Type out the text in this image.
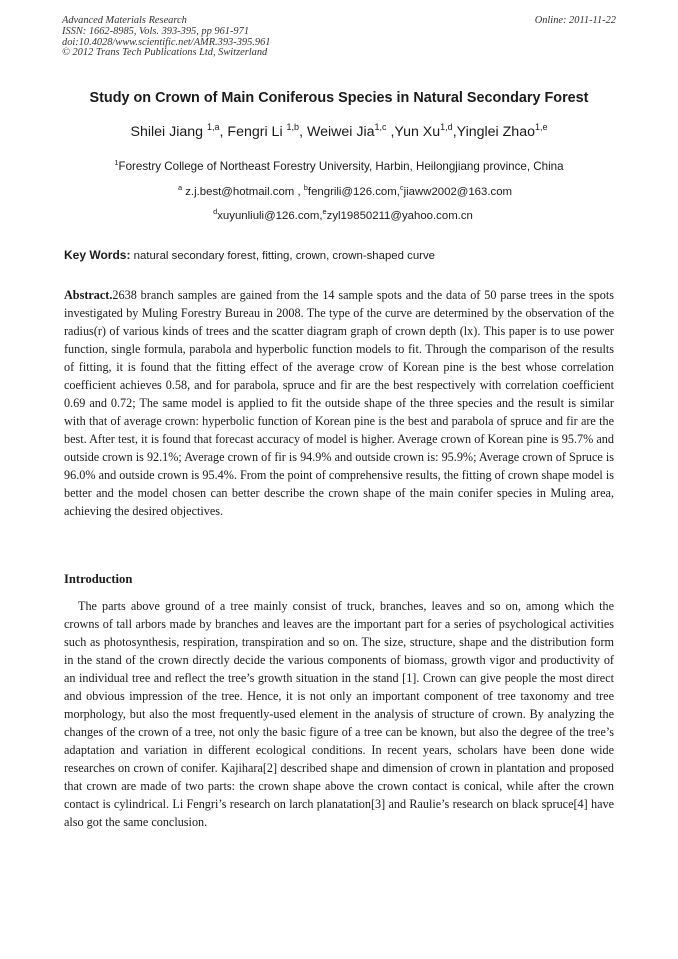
Advanced Materials Research
ISSN: 1662-8985, Vols. 393-395, pp 961-971
doi:10.4028/www.scientific.net/AMR.393-395.961
© 2012 Trans Tech Publications Ltd, Switzerland
Online: 2011-11-22
Study on Crown of Main Coniferous Species in Natural Secondary Forest
Shilei Jiang $^{1,a}$, Fengri Li $^{1,b}$, Weiwei Jia$^{1,c}$ ,Yun Xu$^{1,d}$,Yinglei Zhao$^{1,e}$
$^1$Forestry College of Northeast Forestry University, Harbin, Heilongjiang province, China
$^a$ z.j.best@hotmail.com , $^b$fengrili@126.com,$^c$jiaww2002@163.com
$^d$xuyunliuli@126.com,$^e$zyl19850211@yahoo.com.cn
Key Words: natural secondary forest, fitting, crown, crown-shaped curve
Abstract.2638 branch samples are gained from the 14 sample spots and the data of 50 parse trees in the spots investigated by Muling Forestry Bureau in 2008. The type of the curve are determined by the observation of the radius(r) of various kinds of trees and the scatter diagram graph of crown depth (lx). This paper is to use power function, single formula, parabola and hyperbolic function models to fit. Through the comparison of the results of fitting, it is found that the fitting effect of the average crow of Korean pine is the best whose correlation coefficient achieves 0.58, and for parabola, spruce and fir are the best respectively with correlation coefficient 0.69 and 0.72; The same model is applied to fit the outside shape of the three species and the result is similar with that of average crown: hyperbolic function of Korean pine is the best and parabola of spruce and fir are the best. After test, it is found that forecast accuracy of model is higher. Average crown of Korean pine is 95.7% and outside crown is 92.1%; Average crown of fir is 94.9% and outside crown is: 95.9%; Average crown of Spruce is 96.0% and outside crown is 95.4%. From the point of comprehensive results, the fitting of crown shape model is better and the model chosen can better describe the crown shape of the main conifer species in Muling area, achieving the desired objectives.
Introduction
The parts above ground of a tree mainly consist of truck, branches, leaves and so on, among which the crowns of tall arbors made by branches and leaves are the important part for a series of psychological activities such as photosynthesis, respiration, transpiration and so on. The size, structure, shape and the distribution form in the stand of the crown directly decide the various components of biomass, growth vigor and productivity of an individual tree and reflect the tree’s growth situation in the stand [1]. Crown can give people the most direct and obvious impression of the tree. Hence, it is not only an important component of tree taxonomy and tree morphology, but also the most frequently-used element in the analysis of structure of crown. By analyzing the changes of the crown of a tree, not only the basic figure of a tree can be known, but also the degree of the tree’s adaptation and variation in different ecological conditions. In recent years, scholars have been done wide researches on crown of conifer. Kajihara[2] described shape and dimension of crown in plantation and proposed that crown are made of two parts: the crown shape above the crown contact is conical, while after the crown contact is cylindrical. Li Fengri’s research on larch planatation[3] and Raulie’s research on black spruce[4] have also got the same conclusion.
